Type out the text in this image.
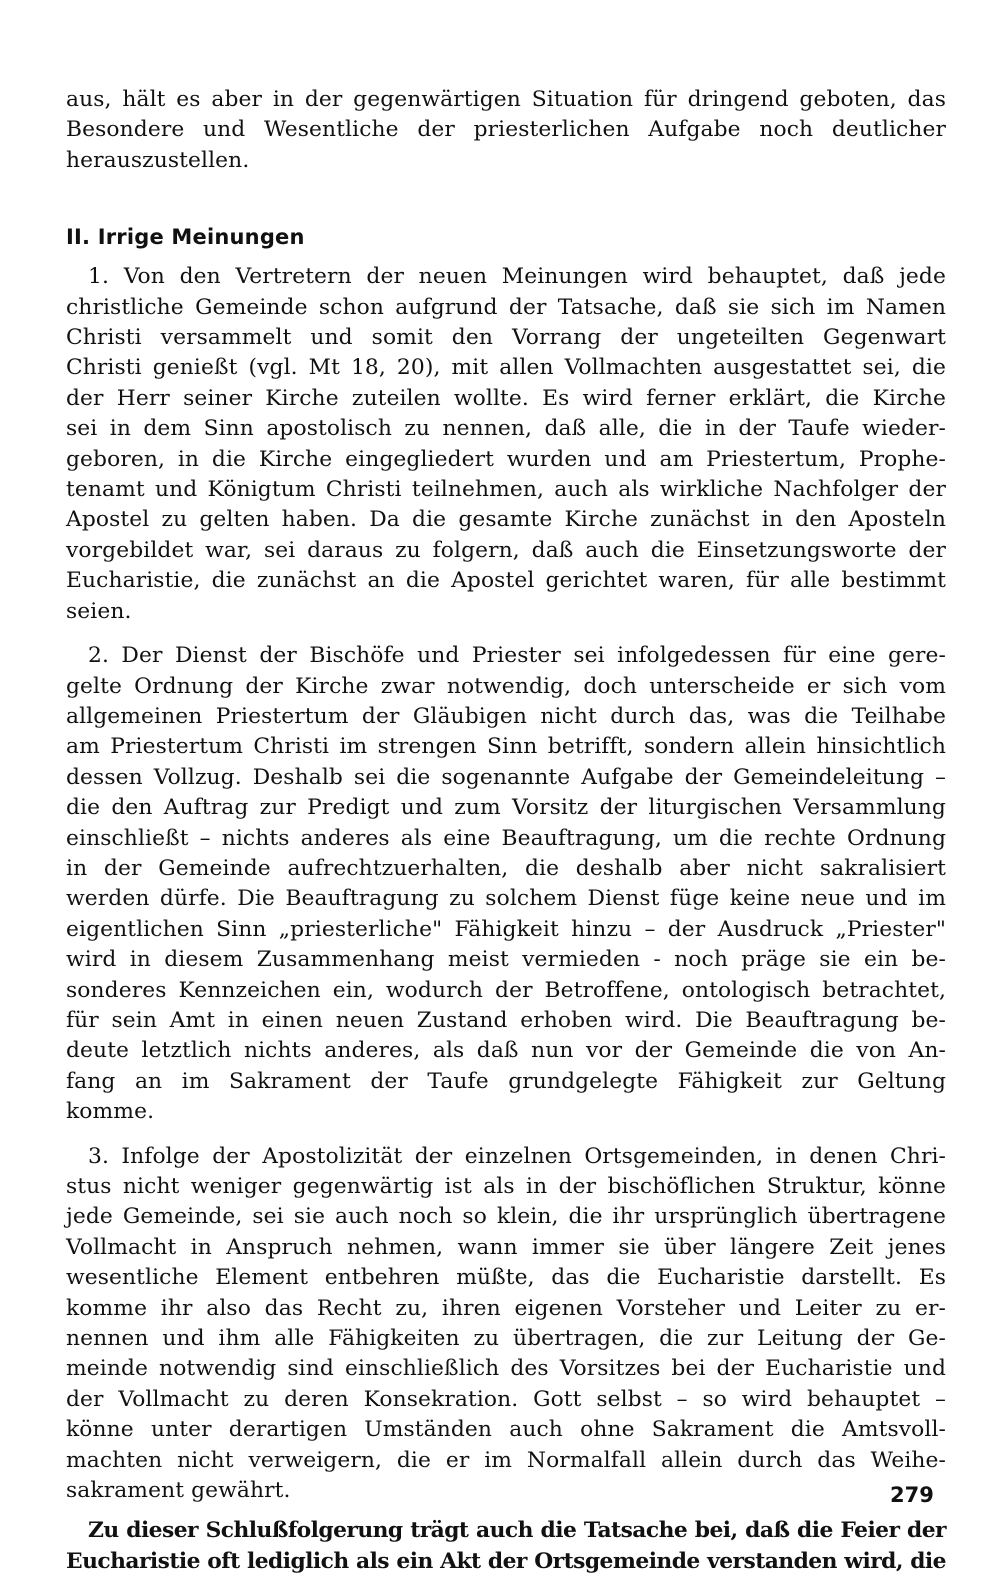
aus, hält es aber in der gegenwärtigen Situation für dringend geboten, das

Besondere und Wesentliche der priesterlichen Aufgabe noch deutlicher

herauszustellen.

II. Irrige Meinungen

1. Von den Vertretern der neuen Meinungen wird behauptet, daß jede

christliche Gemeinde schon aufgrund der Tatsache, daß sie sich im Namen

Christi versammelt und somit den Vorrang der ungeteilten Gegenwart

Christi genießt (vgl. Mt 18, 20), mit allen Vollmachten ausgestattet sei, die

der Herr seiner Kirche zuteilen wollte. Es wird ferner erklärt, die Kirche

sei in dem Sinn apostolisch zu nennen, daß alle, die in der Taufe wieder-

geboren, in die Kirche eingegliedert wurden und am Priestertum, Prophe-

tenamt und Königtum Christi teilnehmen, auch als wirkliche Nachfolger der

Apostel zu gelten haben. Da die gesamte Kirche zunächst in den Aposteln

vorgebildet war, sei daraus zu folgern, daß auch die Einsetzungsworte der

Eucharistie, die zunächst an die Apostel gerichtet waren, für alle bestimmt

seien.

2. Der Dienst der Bischöfe und Priester sei infolgedessen für eine gere-

gelte Ordnung der Kirche zwar notwendig, doch unterscheide er sich vom

allgemeinen Priestertum der Gläubigen nicht durch das, was die Teilhabe

am Priestertum Christi im strengen Sinn betrifft, sondern allein hinsichtlich

dessen Vollzug. Deshalb sei die sogenannte Aufgabe der Gemeindeleitung –

die den Auftrag zur Predigt und zum Vorsitz der liturgischen Versammlung

einschließt – nichts anderes als eine Beauftragung, um die rechte Ordnung

in der Gemeinde aufrechtzuerhalten, die deshalb aber nicht sakralisiert

werden dürfe. Die Beauftragung zu solchem Dienst füge keine neue und im

eigentlichen Sinn „priesterliche" Fähigkeit hinzu – der Ausdruck „Priester"

wird in diesem Zusammenhang meist vermieden - noch präge sie ein be-

sonderes Kennzeichen ein, wodurch der Betroffene, ontologisch betrachtet,

für sein Amt in einen neuen Zustand erhoben wird. Die Beauftragung be-

deute letztlich nichts anderes, als daß nun vor der Gemeinde die von An-

fang an im Sakrament der Taufe grundgelegte Fähigkeit zur Geltung

komme.

3. Infolge der Apostolizität der einzelnen Ortsgemeinden, in denen Chri-

stus nicht weniger gegenwärtig ist als in der bischöflichen Struktur, könne

jede Gemeinde, sei sie auch noch so klein, die ihr ursprünglich übertragene

Vollmacht in Anspruch nehmen, wann immer sie über längere Zeit jenes

wesentliche Element entbehren müßte, das die Eucharistie darstellt. Es

komme ihr also das Recht zu, ihren eigenen Vorsteher und Leiter zu er-

nennen und ihm alle Fähigkeiten zu übertragen, die zur Leitung der Ge-

meinde notwendig sind einschließlich des Vorsitzes bei der Eucharistie und

der Vollmacht zu deren Konsekration. Gott selbst – so wird behauptet –

könne unter derartigen Umständen auch ohne Sakrament die Amtsvoll-

machten nicht verweigern, die er im Normalfall allein durch das Weihe-

sakrament gewährt.

Zu dieser Schlußfolgerung trägt auch die Tatsache bei, daß die Feier der

Eucharistie oft lediglich als ein Akt der Ortsgemeinde verstanden wird, die

279
